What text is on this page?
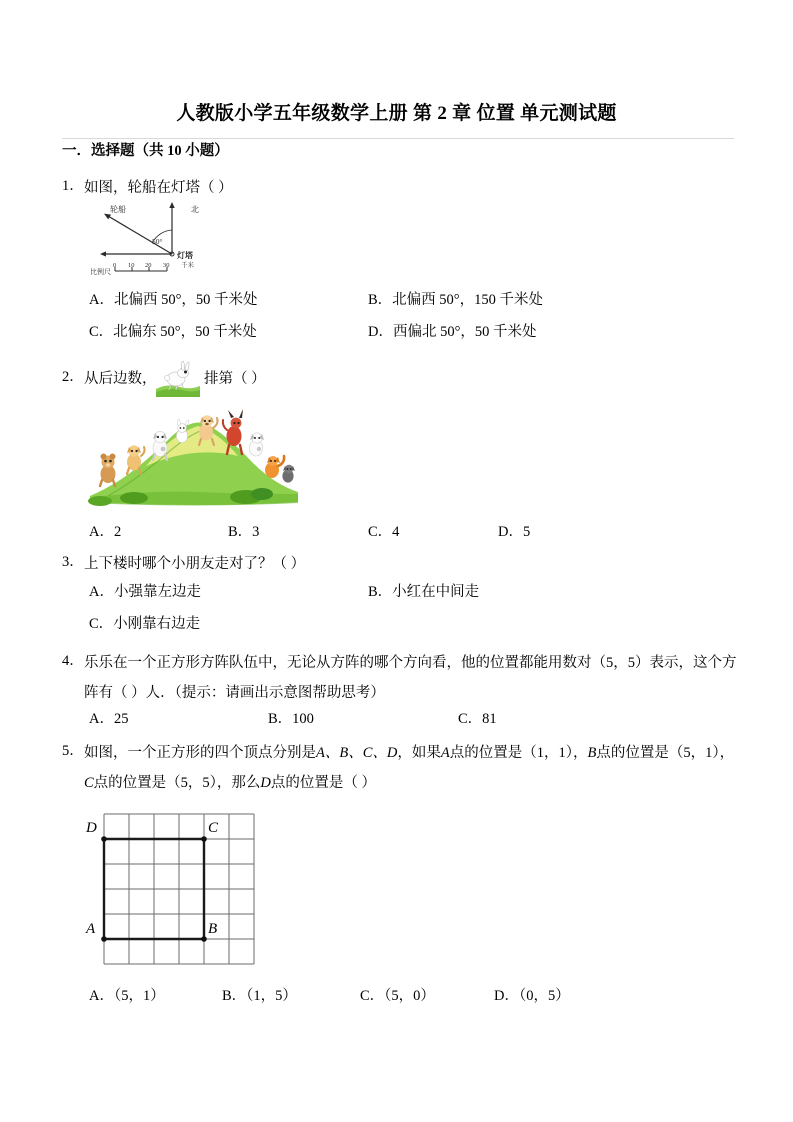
人教版小学五年级数学上册 第 2 章 位置 单元测试题
一．选择题（共 10 小题）
1． 如图，轮船在灯塔（ ）
轮船	北
50°
灯塔
比例尺
0 10 20 30 千米
A．北偏西 50°，50 千米处	B．北偏西 50°，150 千米处
C．北偏东 50°，50 千米处	D．西偏北 50°，50 千米处
2． 从后边数，	排第（ ）
A．2	B．3	C．4	D．5
3． 上下楼时哪个小朋友走对了？（ ）
A．小强靠左边走	B．小红在中间走
C．小刚靠右边走
4． 乐乐在一个正方形方阵队伍中，无论从方阵的哪个方向看，他的位置都能用数对（5，5）表示，这个方
阵有（ ）人．（提示：请画出示意图帮助思考）
A．25	B．100	C．81
5． 如图，一个正方形的四个顶点分别是A、B、C、D，如果A点的位置是（1，1），B点的位置是（5，1），
C点的位置是（5，5），那么D点的位置是（ ）
A	B
C
D
A．（5，1）	B．（1，5）	C．（5，0）	D．（0，5）
